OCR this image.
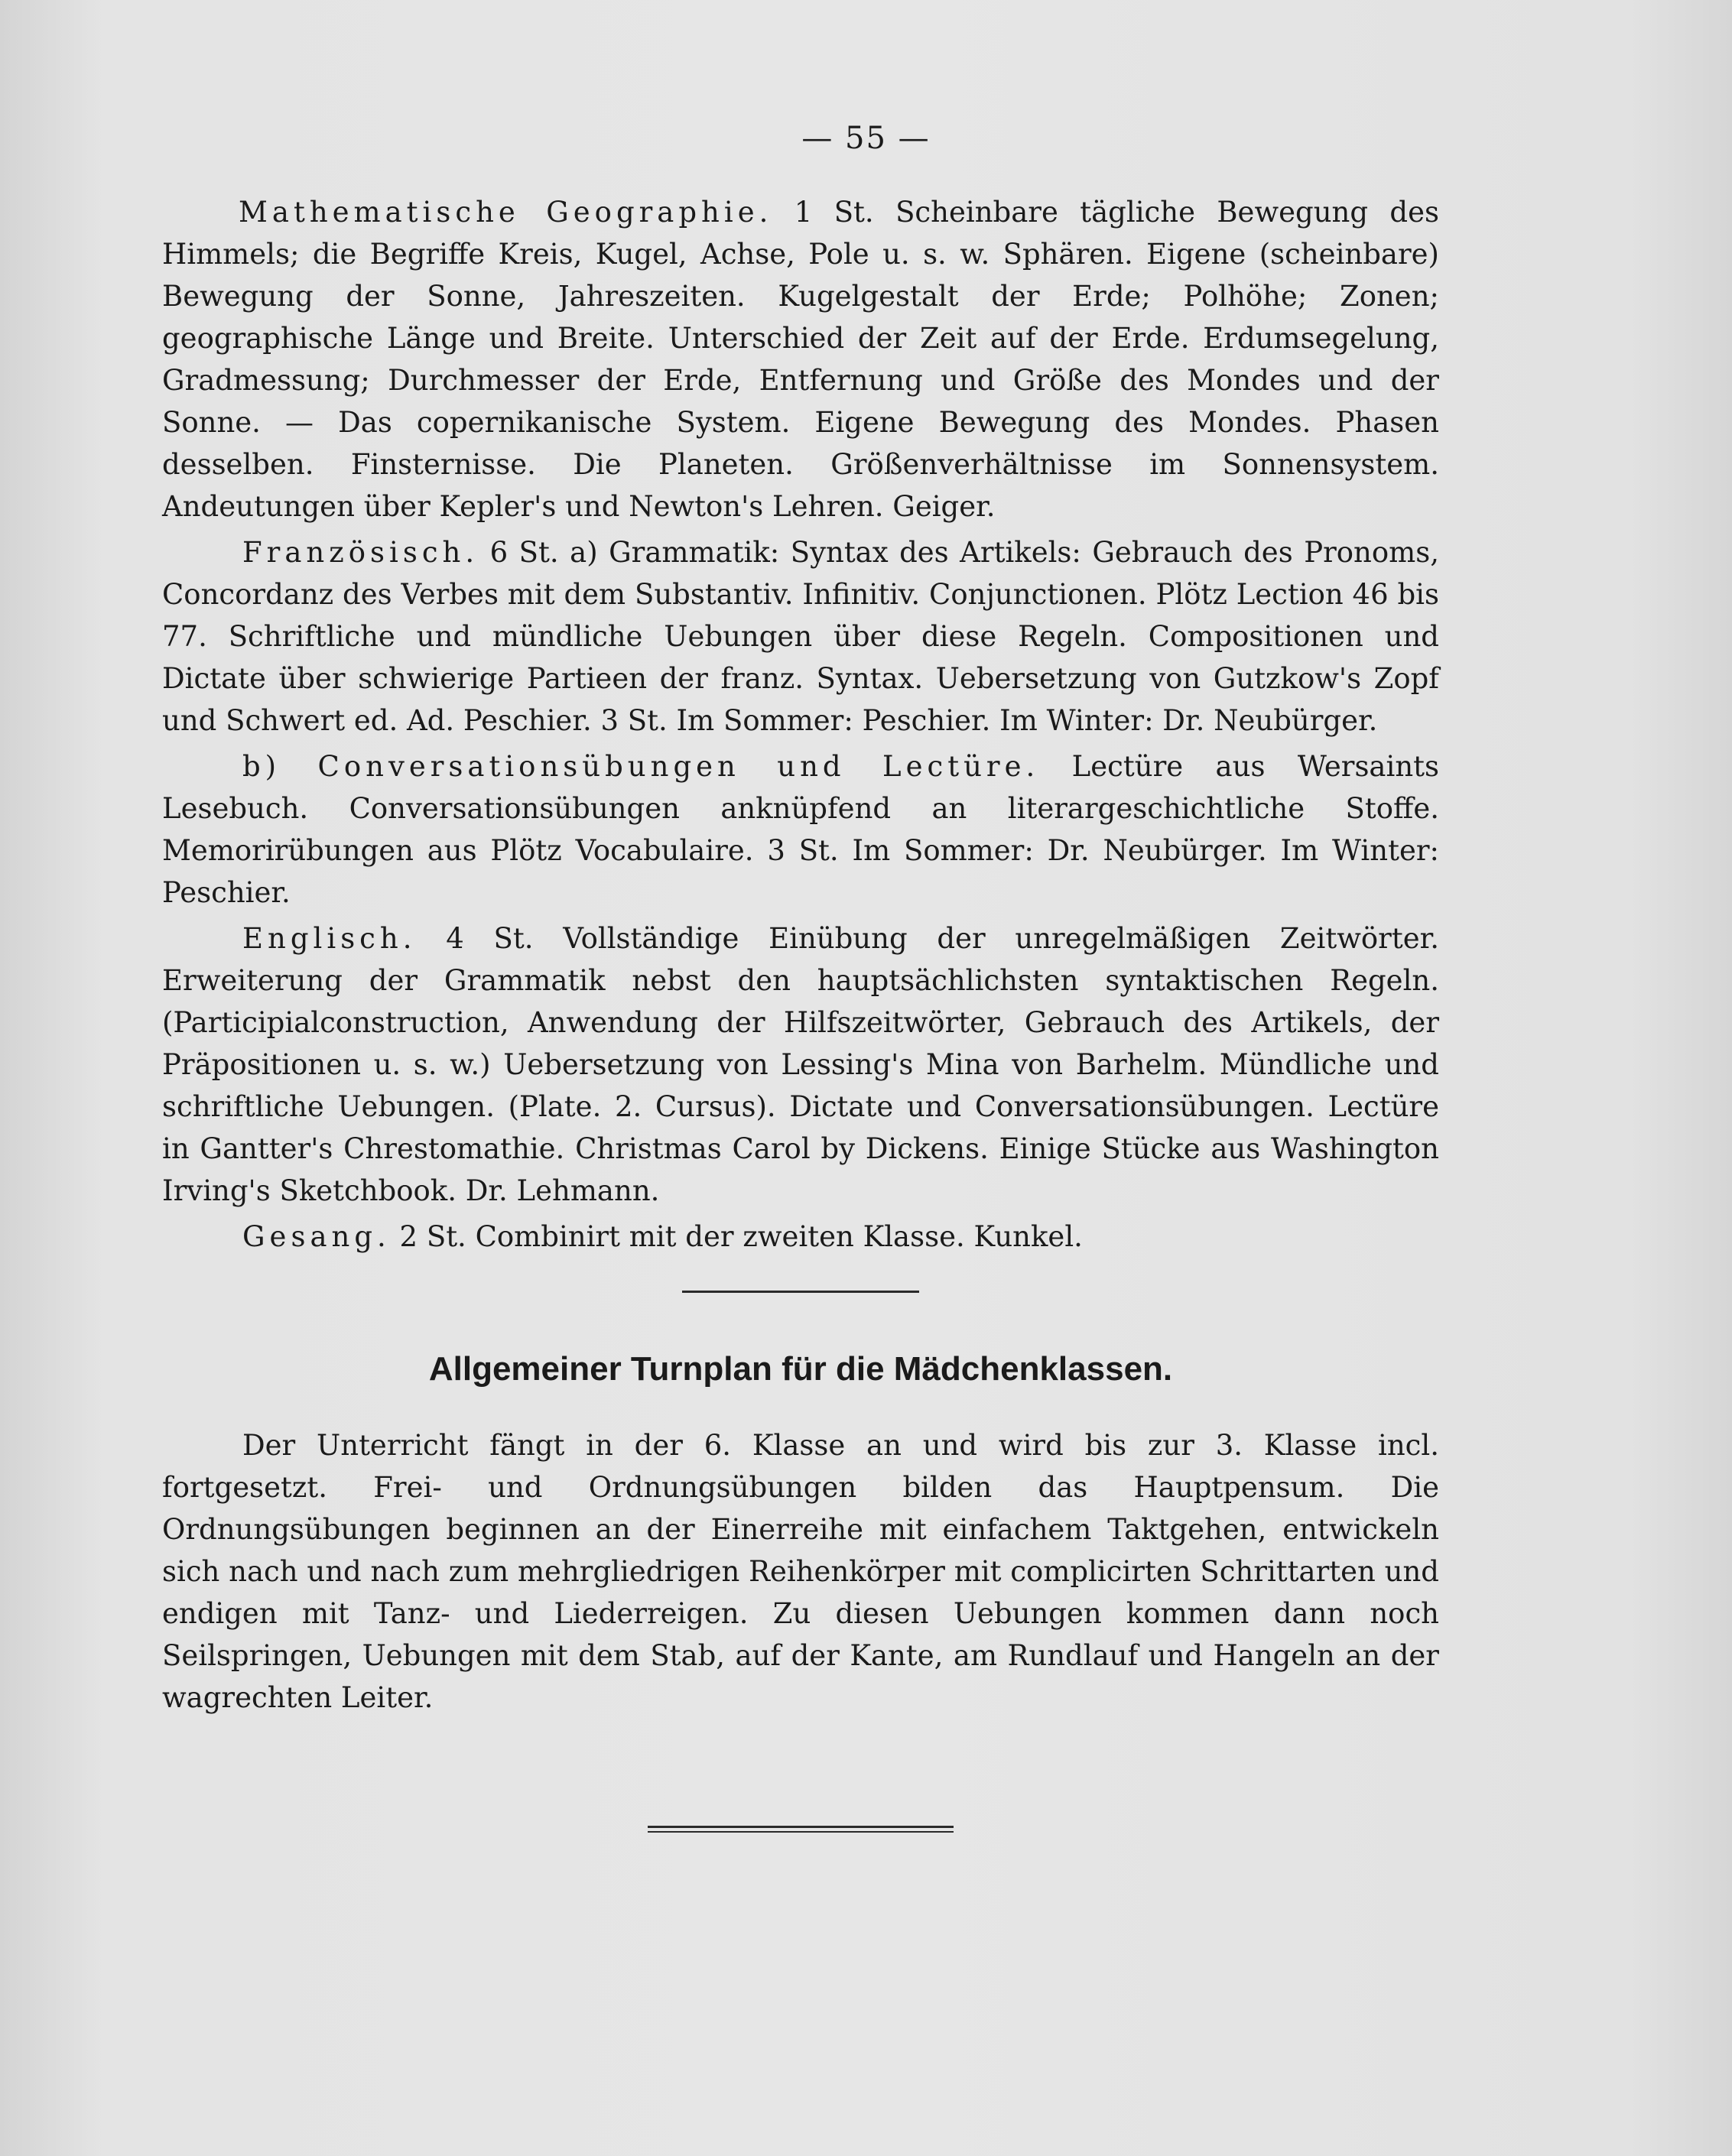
— 55 —

Mathematische Geographie. 1 St. Scheinbare tägliche Bewegung des Himmels; die Begriffe Kreis, Kugel, Achse, Pole u. s. w. Sphären. Eigene (scheinbare) Bewegung der Sonne, Jahreszeiten. Kugelgestalt der Erde; Polhöhe; Zonen; geographische Länge und Breite. Unterschied der Zeit auf der Erde. Erdumsegelung, Gradmessung; Durchmesser der Erde, Entfernung und Größe des Mondes und der Sonne. — Das copernikanische System. Eigene Bewegung des Mondes. Phasen desselben. Finsternisse. Die Planeten. Größenverhältnisse im Sonnensystem. Andeutungen über Kepler's und Newton's Lehren. Geiger.

Französisch. 6 St. a) Grammatik: Syntax des Artikels: Gebrauch des Pronoms, Concordanz des Verbes mit dem Substantiv. Infinitiv. Conjunctionen. Plötz Lection 46 bis 77. Schriftliche und mündliche Uebungen über diese Regeln. Compositionen und Dictate über schwierige Partieen der franz. Syntax. Uebersetzung von Gutzkow's Zopf und Schwert ed. Ad. Peschier. 3 St. Im Sommer: Peschier. Im Winter: Dr. Neubürger.

b) Conversationsübungen und Lectüre. Lectüre aus Wersaints Lesebuch. Conversationsübungen anknüpfend an literargeschichtliche Stoffe. Memorirübungen aus Plötz Vocabulaire. 3 St. Im Sommer: Dr. Neubürger. Im Winter: Peschier.

Englisch. 4 St. Vollständige Einübung der unregelmäßigen Zeitwörter. Erweiterung der Grammatik nebst den hauptsächlichsten syntaktischen Regeln. (Participialconstruction, Anwendung der Hilfszeitwörter, Gebrauch des Artikels, der Präpositionen u. s. w.) Uebersetzung von Lessing's Mina von Barhelm. Mündliche und schriftliche Uebungen. (Plate. 2. Cursus). Dictate und Conversationsübungen. Lectüre in Gantter's Chrestomathie. Christmas Carol by Dickens. Einige Stücke aus Washington Irving's Sketchbook. Dr. Lehmann.

Gesang. 2 St. Combinirt mit der zweiten Klasse. Kunkel.

Allgemeiner Turnplan für die Mädchenklassen.

Der Unterricht fängt in der 6. Klasse an und wird bis zur 3. Klasse incl. fortgesetzt. Frei- und Ordnungsübungen bilden das Hauptpensum. Die Ordnungsübungen beginnen an der Einerreihe mit einfachem Taktgehen, entwickeln sich nach und nach zum mehrgliedrigen Reihenkörper mit complicirten Schrittarten und endigen mit Tanz- und Liederreigen. Zu diesen Uebungen kommen dann noch Seilspringen, Uebungen mit dem Stab, auf der Kante, am Rundlauf und Hangeln an der wagrechten Leiter.
